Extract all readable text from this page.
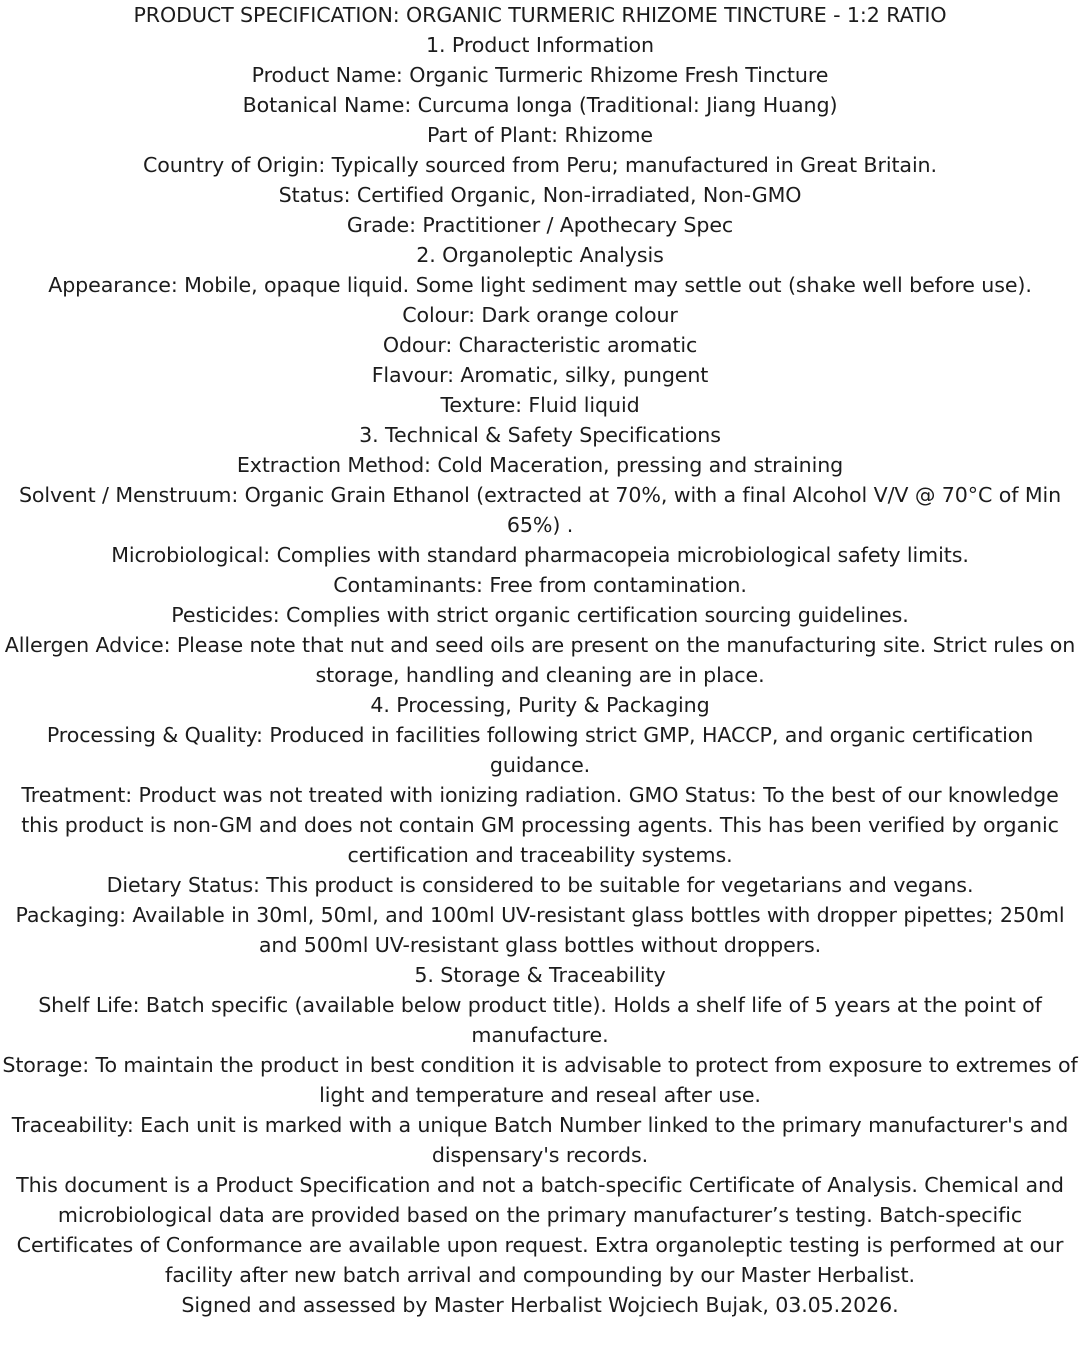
PRODUCT SPECIFICATION: ORGANIC TURMERIC RHIZOME TINCTURE - 1:2 RATIO
1. Product Information
Product Name: Organic Turmeric Rhizome Fresh Tincture
Botanical Name: Curcuma longa (Traditional: Jiang Huang)
Part of Plant: Rhizome
Country of Origin: Typically sourced from Peru; manufactured in Great Britain.
Status: Certified Organic, Non-irradiated, Non-GMO
Grade: Practitioner / Apothecary Spec
2. Organoleptic Analysis
Appearance: Mobile, opaque liquid. Some light sediment may settle out (shake well before use).
Colour: Dark orange colour
Odour: Characteristic aromatic
Flavour: Aromatic, silky, pungent
Texture: Fluid liquid
3. Technical & Safety Specifications
Extraction Method: Cold Maceration, pressing and straining
Solvent / Menstruum: Organic Grain Ethanol (extracted at 70%, with a final Alcohol V/V @ 70°C of Min 65%) .
Microbiological: Complies with standard pharmacopeia microbiological safety limits.
Contaminants: Free from contamination.
Pesticides: Complies with strict organic certification sourcing guidelines.
Allergen Advice: Please note that nut and seed oils are present on the manufacturing site. Strict rules on storage, handling and cleaning are in place.
4. Processing, Purity & Packaging
Processing & Quality: Produced in facilities following strict GMP, HACCP, and organic certification guidance.
Treatment: Product was not treated with ionizing radiation. GMO Status: To the best of our knowledge this product is non-GM and does not contain GM processing agents. This has been verified by organic certification and traceability systems.
Dietary Status: This product is considered to be suitable for vegetarians and vegans.
Packaging: Available in 30ml, 50ml, and 100ml UV-resistant glass bottles with dropper pipettes; 250ml and 500ml UV-resistant glass bottles without droppers.
5. Storage & Traceability
Shelf Life: Batch specific (available below product title). Holds a shelf life of 5 years at the point of manufacture.
Storage: To maintain the product in best condition it is advisable to protect from exposure to extremes of light and temperature and reseal after use.
Traceability: Each unit is marked with a unique Batch Number linked to the primary manufacturer's and dispensary's records.
This document is a Product Specification and not a batch-specific Certificate of Analysis. Chemical and microbiological data are provided based on the primary manufacturer’s testing. Batch-specific Certificates of Conformance are available upon request. Extra organoleptic testing is performed at our facility after new batch arrival and compounding by our Master Herbalist.
Signed and assessed by Master Herbalist Wojciech Bujak, 03.05.2026.
